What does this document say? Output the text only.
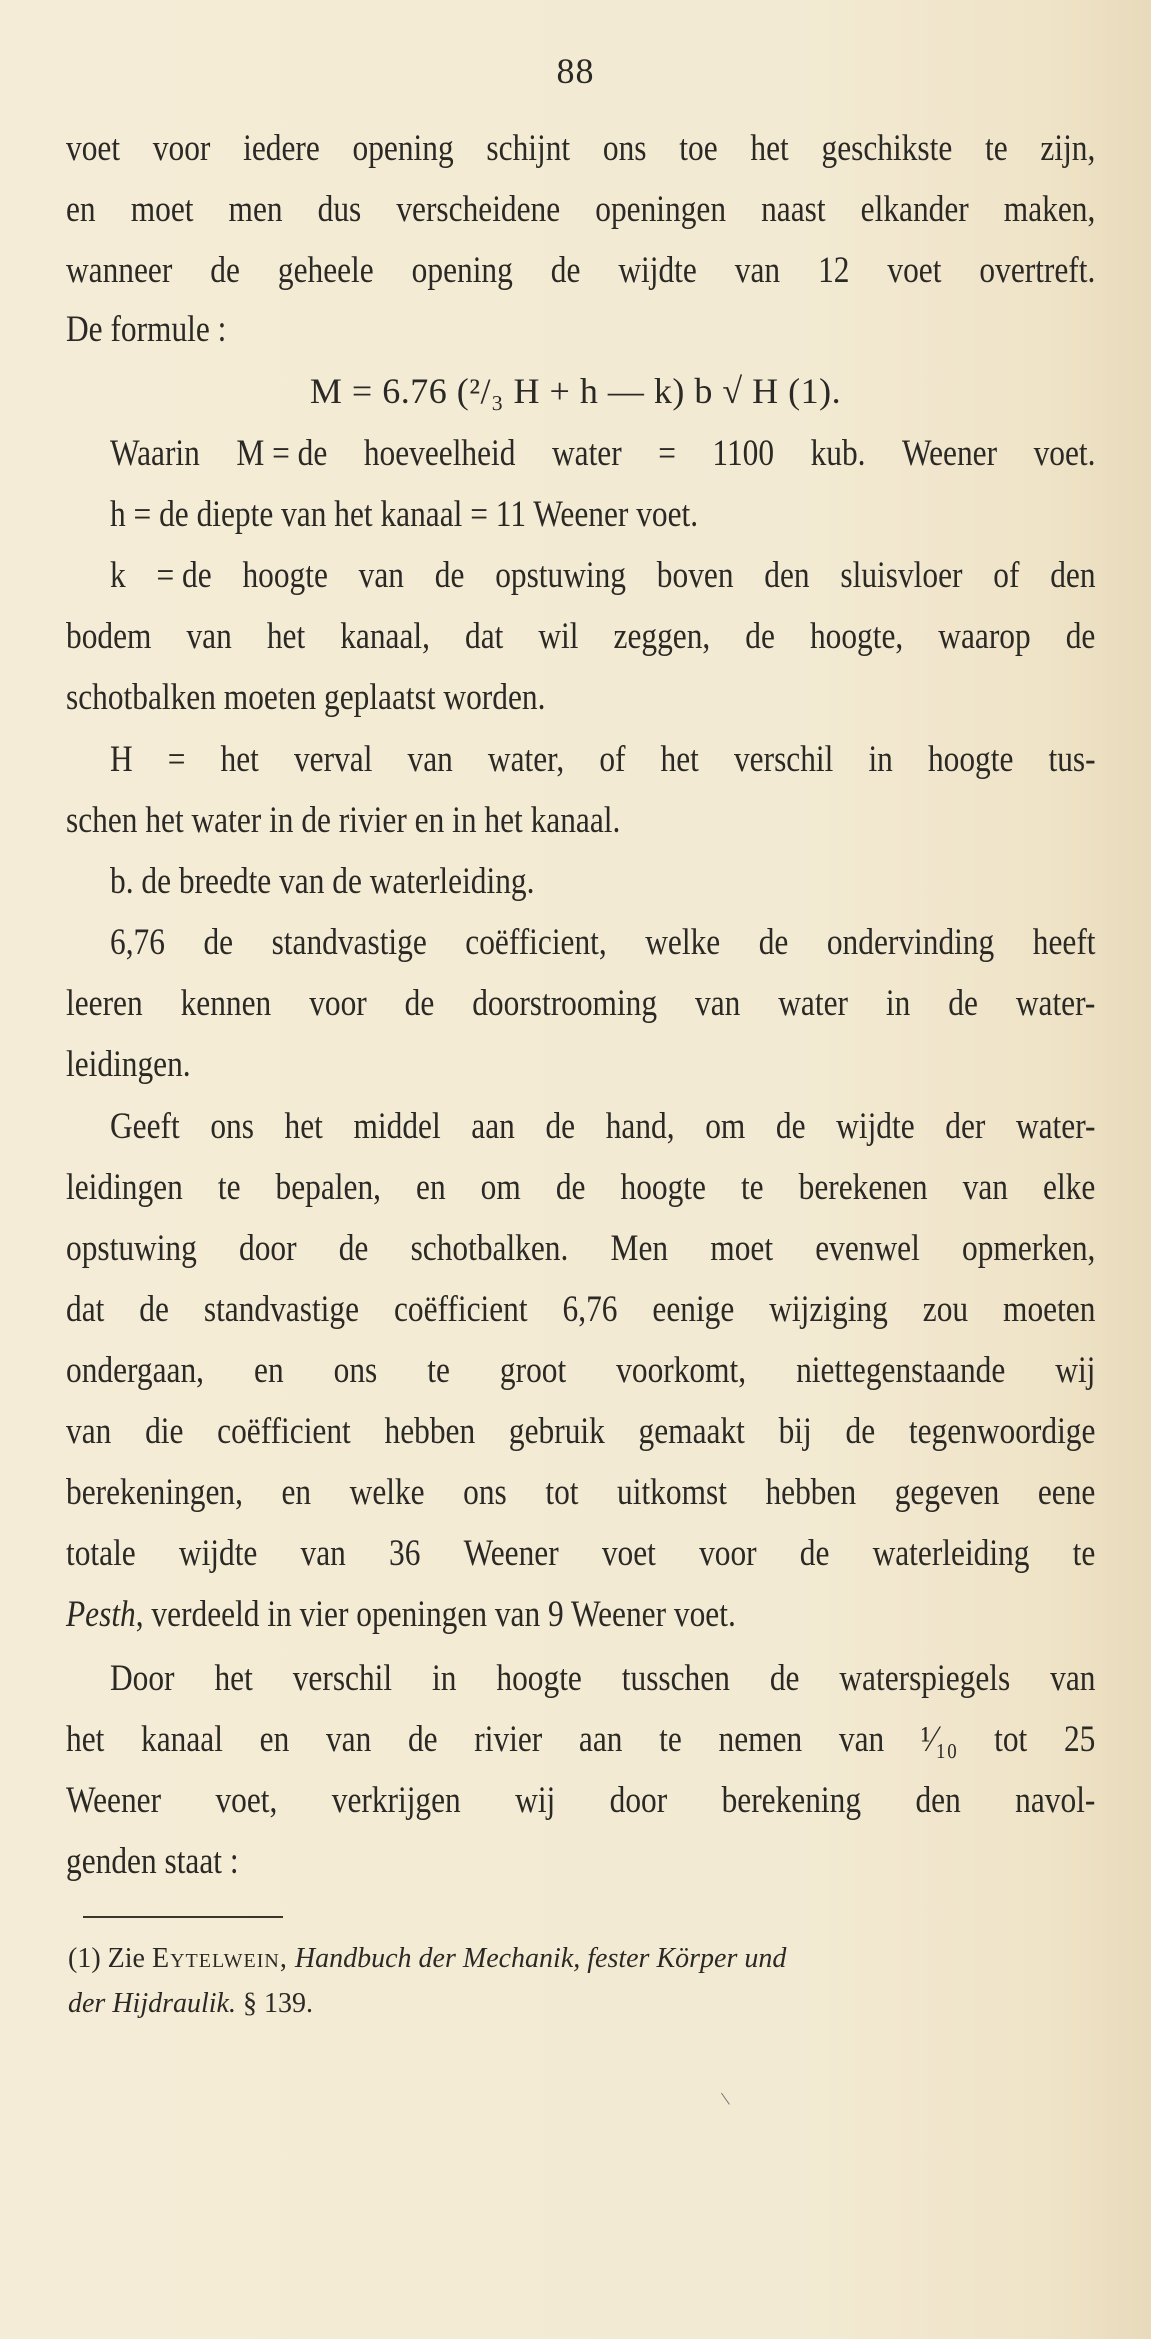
88
voet voor iedere opening schijnt ons toe het geschikste te zijn,
en moet men dus verscheidene openingen naast elkander maken,
wanneer de geheele opening de wijdte van 12 voet overtreft.
De formule :
M = 6.76 (²/₃ H + h — k) b √ H (1).
Waarin M = de hoeveelheid water = 1100 kub. Weener voet.
h = de diepte van het kanaal = 11 Weener voet.
k = de hoogte van de opstuwing boven den sluisvloer of den
bodem van het kanaal, dat wil zeggen, de hoogte, waarop de
schotbalken moeten geplaatst worden.
H = het verval van water, of het verschil in hoogte tus-
schen het water in de rivier en in het kanaal.
b. de breedte van de waterleiding.
6,76 de standvastige coëfficient, welke de ondervinding heeft
leeren kennen voor de doorstrooming van water in de water-
leidingen.
Geeft ons het middel aan de hand, om de wijdte der water-
leidingen te bepalen, en om de hoogte te berekenen van elke
opstuwing door de schotbalken. Men moet evenwel opmerken,
dat de standvastige coëfficient 6,76 eenige wijziging zou moeten
ondergaan, en ons te groot voorkomt, niettegenstaande wij
van die coëfficient hebben gebruik gemaakt bij de tegenwoordige
berekeningen, en welke ons tot uitkomst hebben gegeven eene
totale wijdte van 36 Weener voet voor de waterleiding te
Pesth, verdeeld in vier openingen van 9 Weener voet.
Door het verschil in hoogte tusschen de waterspiegels van
het kanaal en van de rivier aan te nemen van ¹⁄₁₀ tot 25
Weener voet, verkrijgen wij door berekening den navol-
genden staat :
(1) Zie Eytelwein, Handbuch der Mechanik, fester Körper und
der Hijdraulik. § 139.
